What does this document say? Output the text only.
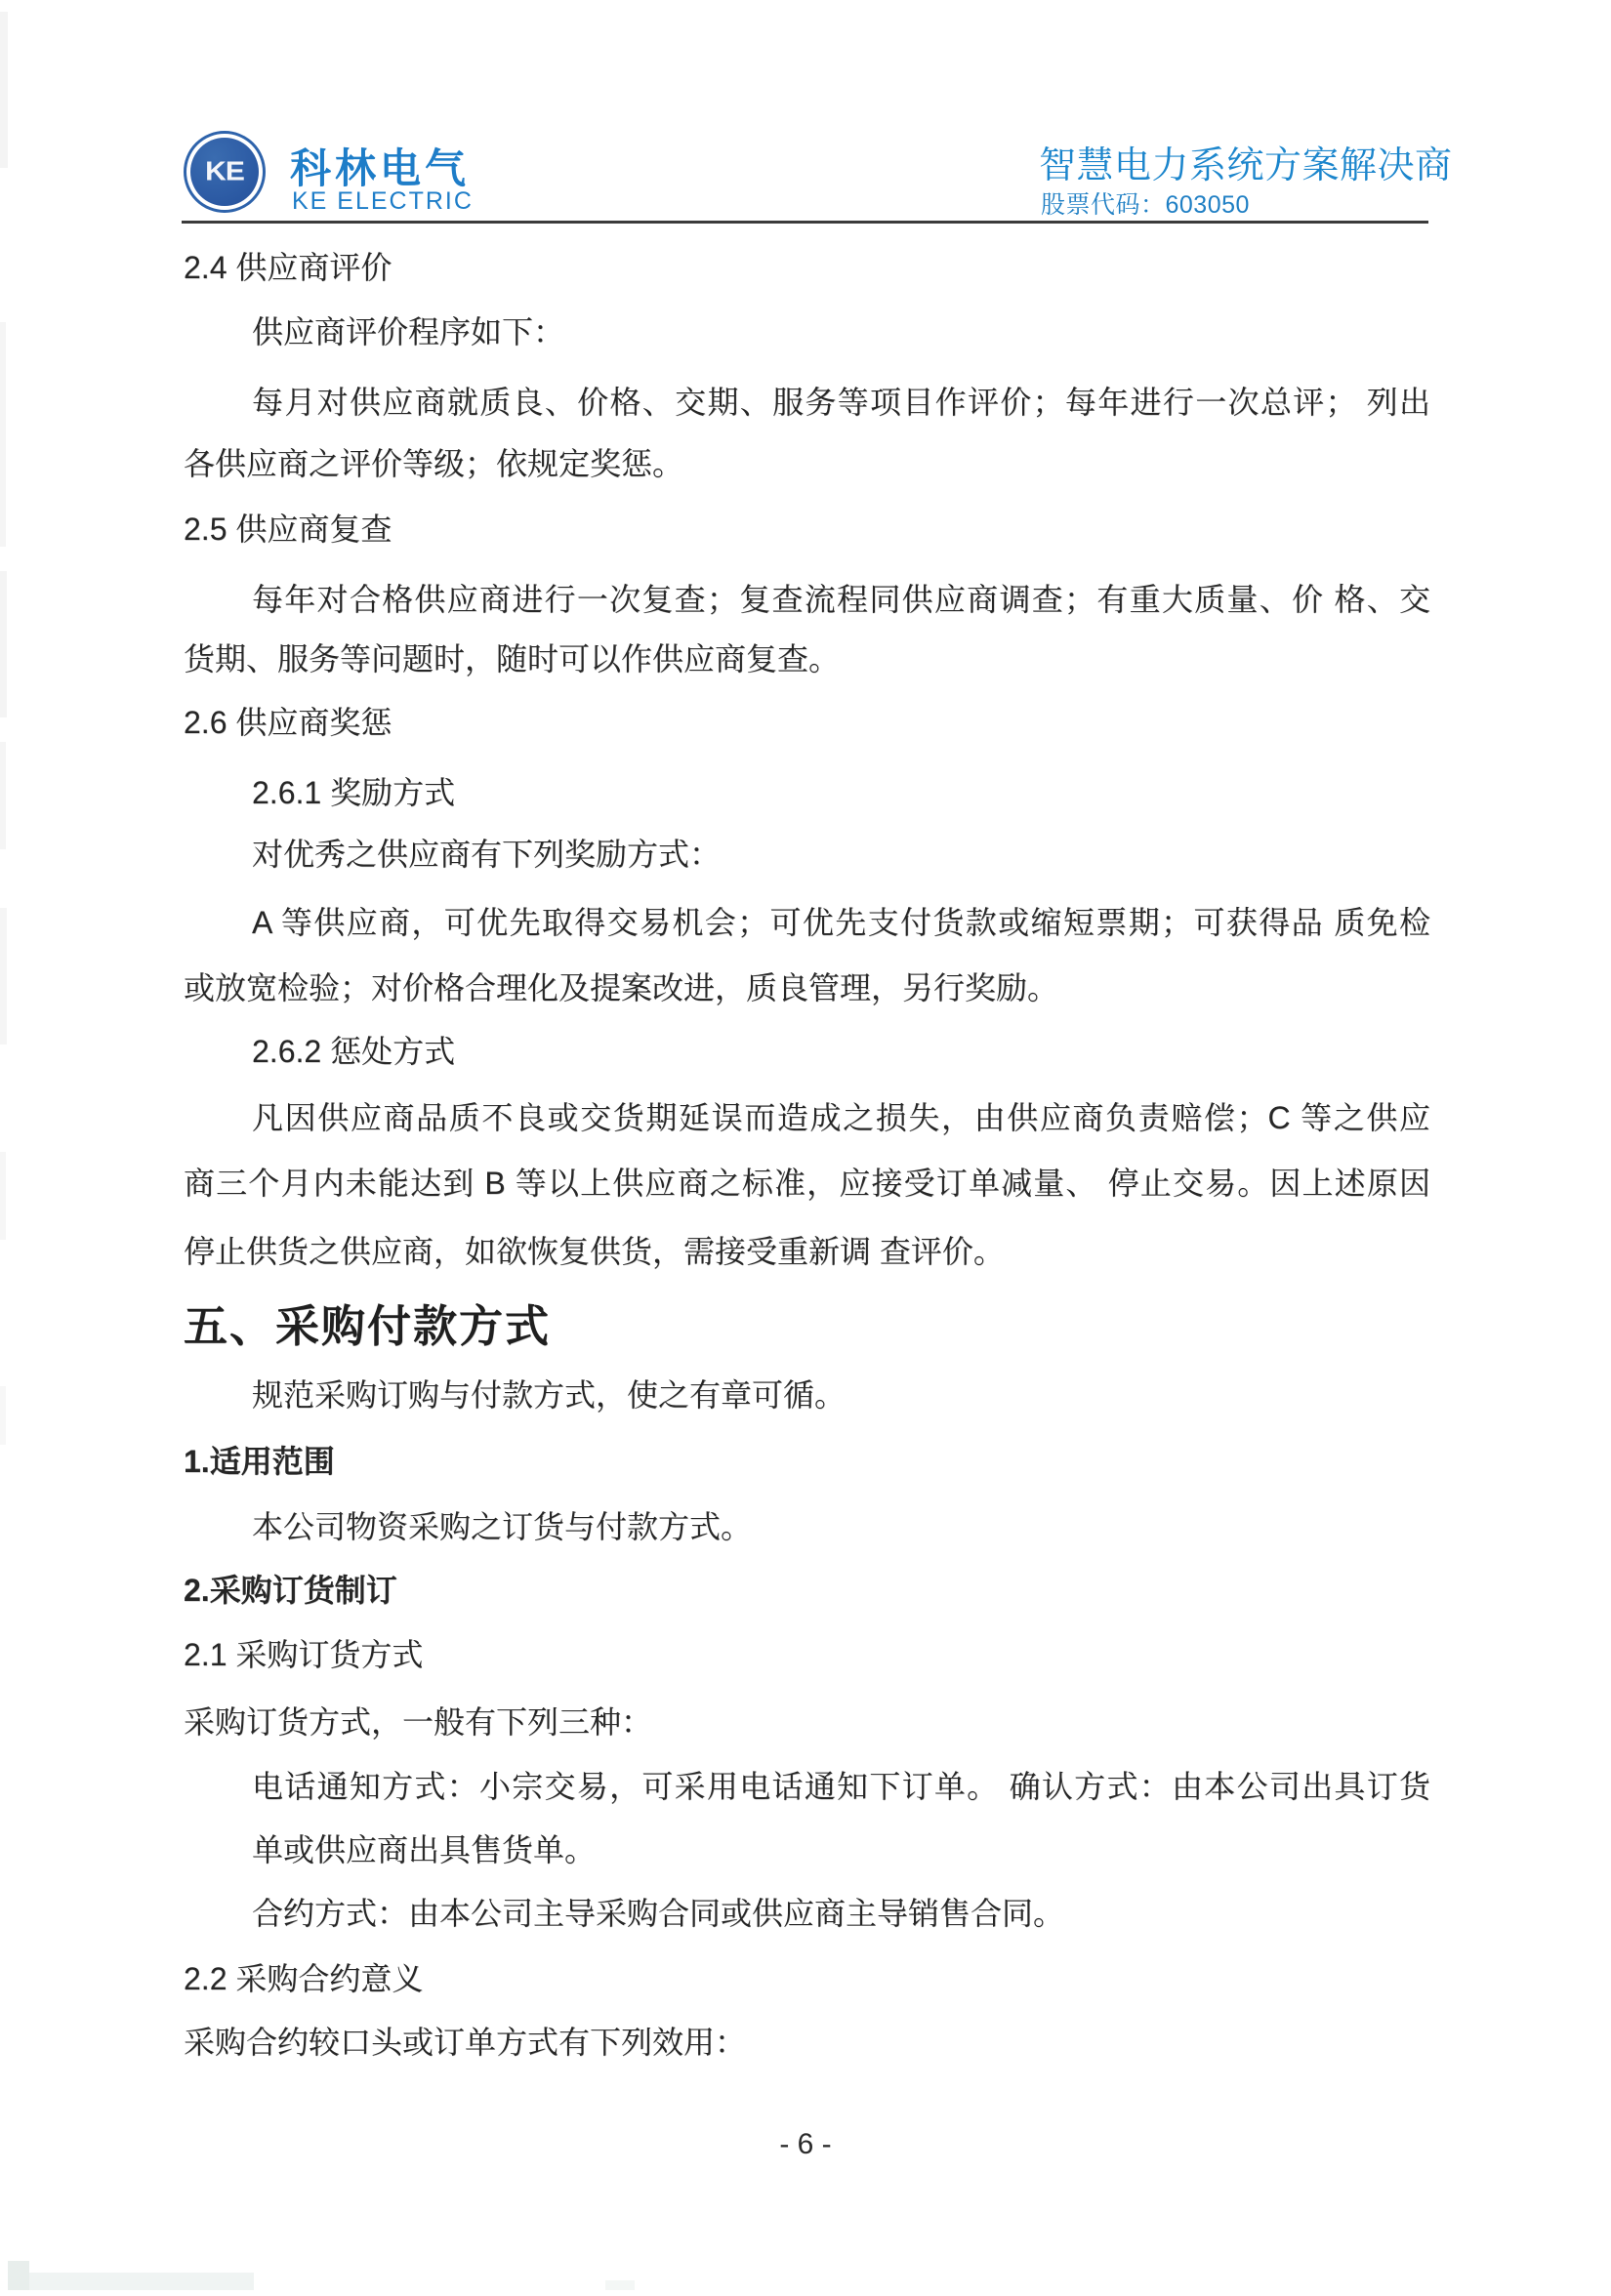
KE 科林电气
KE ELECTRIC
智慧电力系统方案解决商
股票代码：603050
2.4 供应商评价
供应商评价程序如下：
每月对供应商就质良、价格、交期、服务等项目作评价；每年进行一次总评； 列出
各供应商之评价等级；依规定奖惩。
2.5 供应商复查
每年对合格供应商进行一次复查；复查流程同供应商调查；有重大质量、价 格、交
货期、服务等问题时，随时可以作供应商复查。
2.6 供应商奖惩
2.6.1 奖励方式
对优秀之供应商有下列奖励方式：
A 等供应商，可优先取得交易机会；可优先支付货款或缩短票期；可获得品 质免检
或放宽检验；对价格合理化及提案改进，质良管理，另行奖励。
2.6.2 惩处方式
凡因供应商品质不良或交货期延误而造成之损失，由供应商负责赔偿；C 等之供应
商三个月内未能达到 B 等以上供应商之标准，应接受订单减量、 停止交易。因上述原因
停止供货之供应商，如欲恢复供货，需接受重新调 查评价。
五、采购付款方式
规范采购订购与付款方式，使之有章可循。
1.适用范围
本公司物资采购之订货与付款方式。
2.采购订货制订
2.1 采购订货方式
采购订货方式，一般有下列三种：
电话通知方式：小宗交易，可采用电话通知下订单。 确认方式：由本公司出具订货
单或供应商出具售货单。
合约方式：由本公司主导采购合同或供应商主导销售合同。
2.2 采购合约意义
采购合约较口头或订单方式有下列效用：
- 6 -
